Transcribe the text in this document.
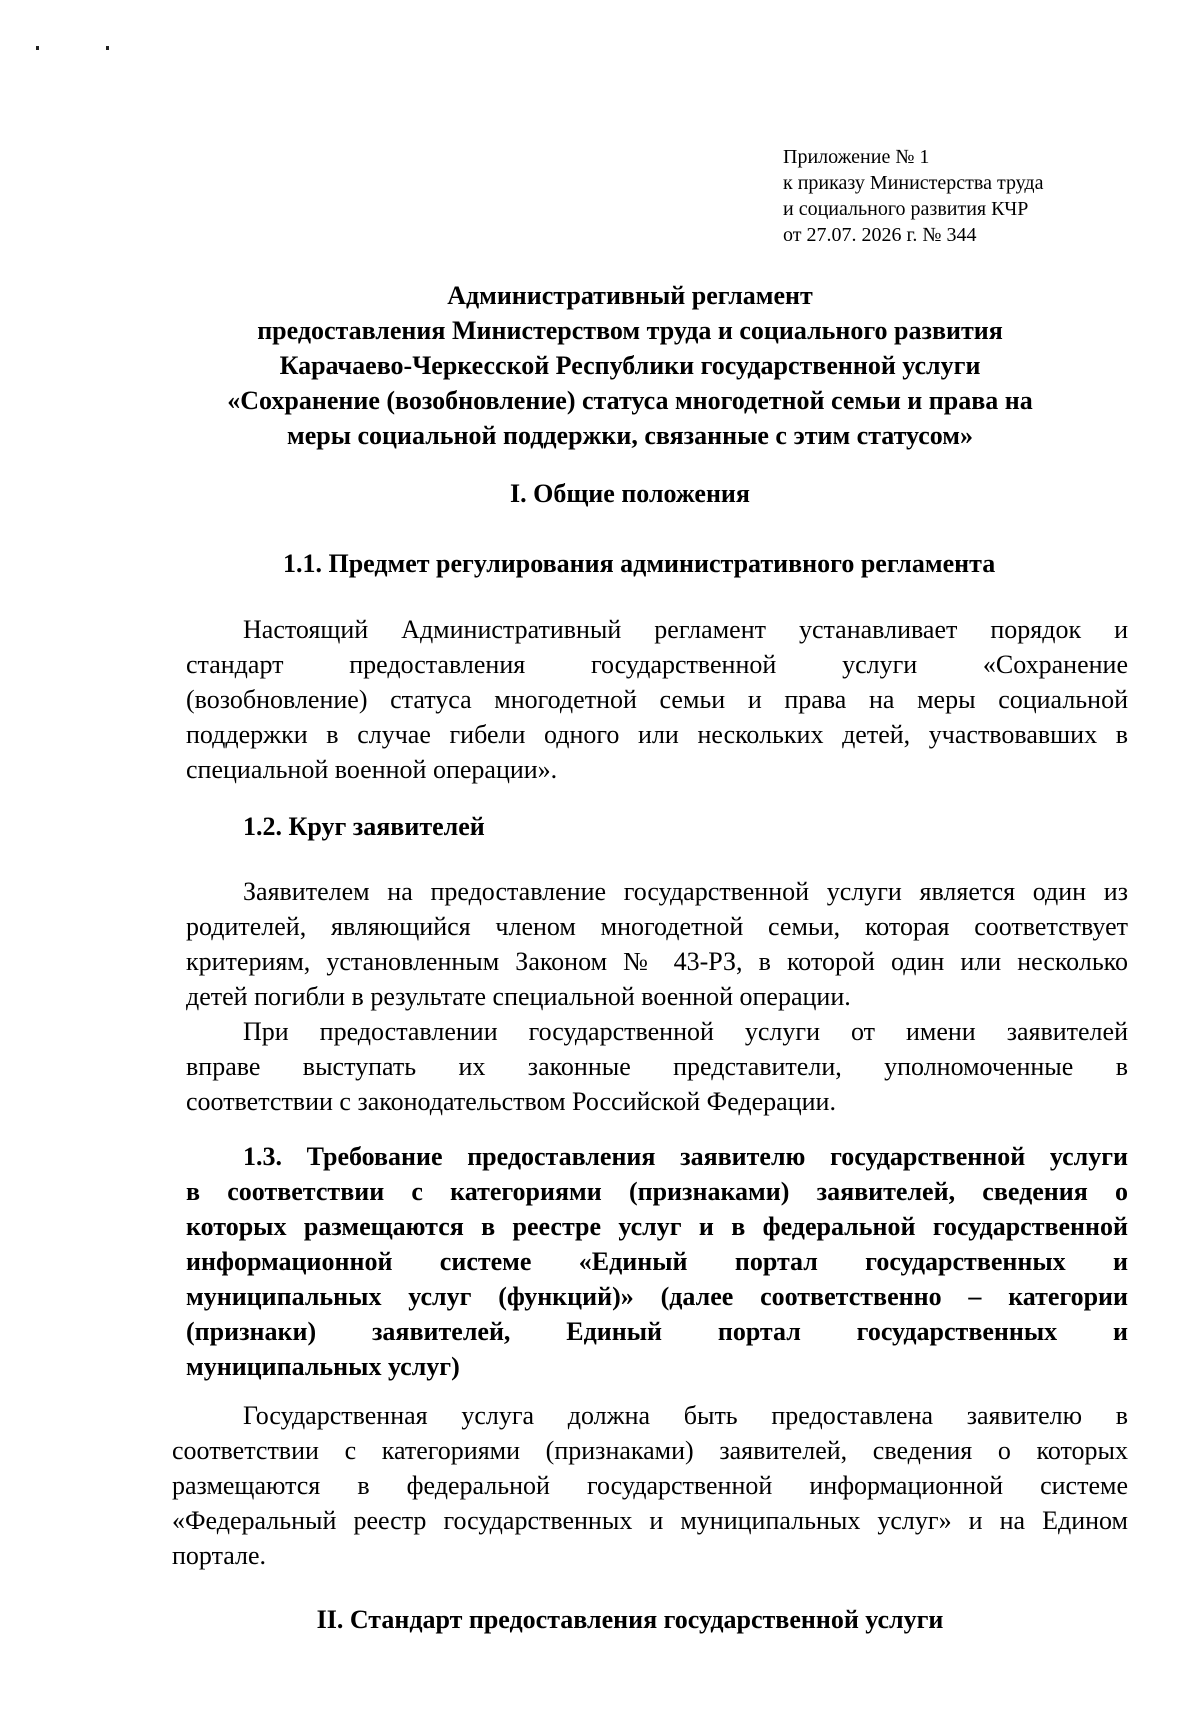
Приложение № 1
к приказу Министерства труда
и социального развития КЧР
от 27.07. 2026 г. № 344
Административный регламент
предоставления Министерством труда и социального развития
Карачаево-Черкесской Республики государственной услуги
«Сохранение (возобновление) статуса многодетной семьи и права на
меры социальной поддержки, связанные с этим статусом»
I. Общие положения
1.1. Предмет регулирования административного регламента
Настоящий Административный регламент устанавливает порядок и
стандарт предоставления государственной услуги «Сохранение
(возобновление) статуса многодетной семьи и права на меры социальной
поддержки в случае гибели одного или нескольких детей, участвовавших в
специальной военной операции».
1.2. Круг заявителей
Заявителем на предоставление государственной услуги является один из
родителей, являющийся членом многодетной семьи, которая соответствует
критериям, установленным Законом № 43-РЗ, в которой один или несколько
детей погибли в результате специальной военной операции.
При предоставлении государственной услуги от имени заявителей
вправе выступать их законные представители, уполномоченные в
соответствии с законодательством Российской Федерации.
1.3. Требование предоставления заявителю государственной услуги
в соответствии с категориями (признаками) заявителей, сведения о
которых размещаются в реестре услуг и в федеральной государственной
информационной системе «Единый портал государственных и
муниципальных услуг (функций)» (далее соответственно – категории
(признаки) заявителей, Единый портал государственных и
муниципальных услуг)
Государственная услуга должна быть предоставлена заявителю в
соответствии с категориями (признаками) заявителей, сведения о которых
размещаются в федеральной государственной информационной системе
«Федеральный реестр государственных и муниципальных услуг» и на Едином
портале.
II. Стандарт предоставления государственной услуги
